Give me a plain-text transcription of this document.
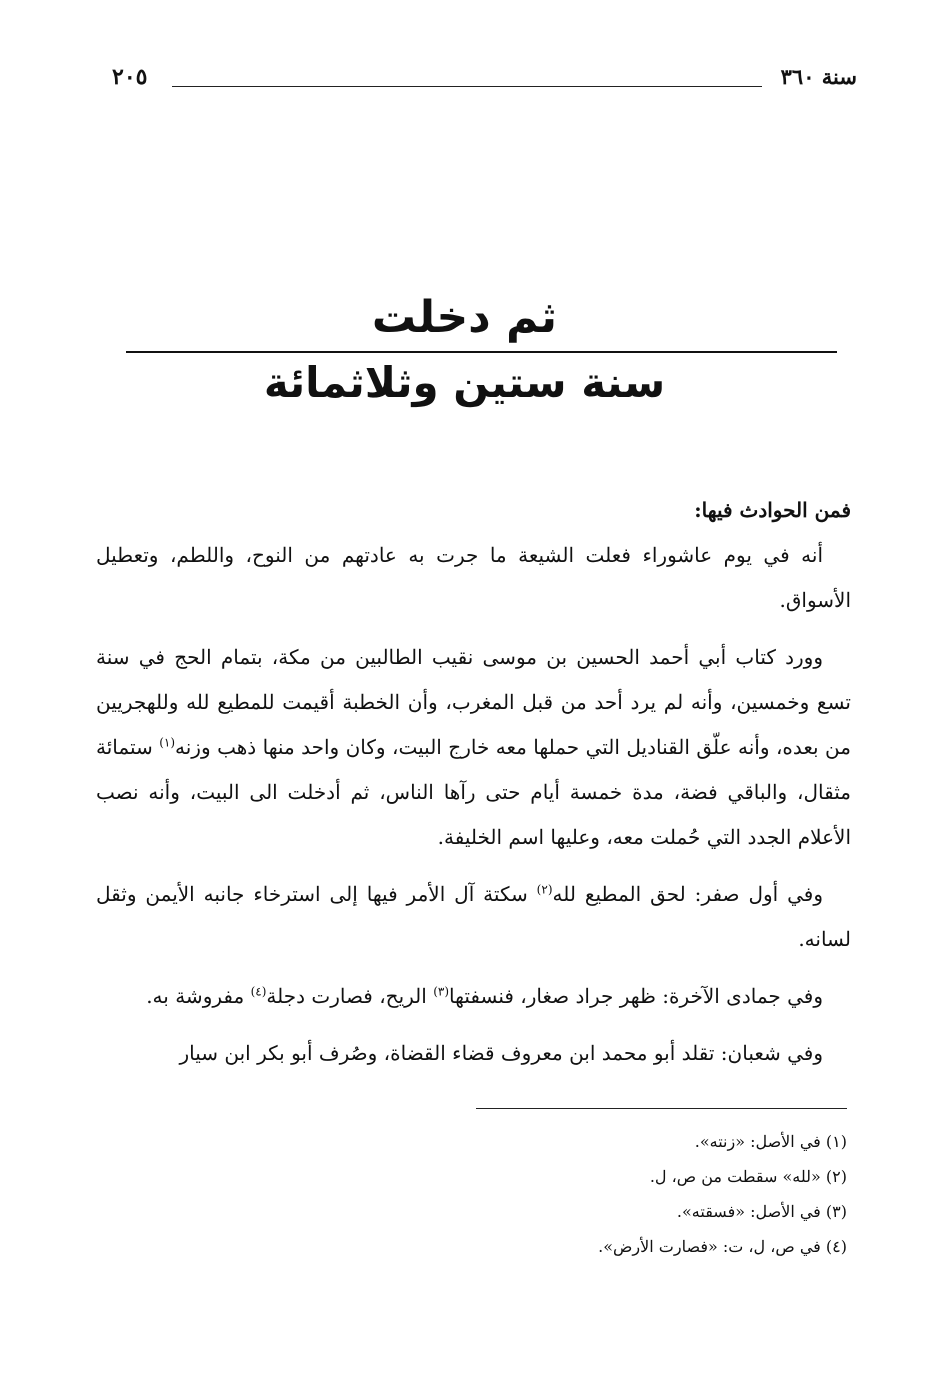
سنة ٣٦٠
٢٠٥
ثم دخلت
سنة ستين وثلاثمائة

فمن الحوادث فيها:

أنه في يوم عاشوراء فعلت الشيعة ما جرت به عادتهم من النوح، واللطم، وتعطيل الأسواق.

وورد كتاب أبي أحمد الحسين بن موسى نقيب الطالبين من مكة، بتمام الحج في سنة تسع وخمسين، وأنه لم يرد أحد من قبل المغرب، وأن الخطبة أقيمت للمطيع لله وللهجريين من بعده، وأنه علّق القناديل التي حملها معه خارج البيت، وكان واحد منها ذهب وزنه$^{(١)}$ ستمائة مثقال، والباقي فضة، مدة خمسة أيام حتى رآها الناس، ثم أدخلت الى البيت، وأنه نصب الأعلام الجدد التي حُملت معه، وعليها اسم الخليفة.

وفي أول صفر: لحق المطيع لله$^{(٢)}$ سكتة آل الأمر فيها إلى استرخاء جانبه الأيمن وثقل لسانه.

وفي جمادى الآخرة: ظهر جراد صغار، فنسفتها$^{(٣)}$ الريح، فصارت دجلة$^{(٤)}$ مفروشة به.

وفي شعبان: تقلد أبو محمد ابن معروف قضاء القضاة، وصُرف أبو بكر ابن سيار

(١) في الأصل: «زنته».
(٢) «لله» سقطت من ص، ل.
(٣) في الأصل: «فسقته».
(٤) في ص، ل، ت: «فصارت الأرض».
